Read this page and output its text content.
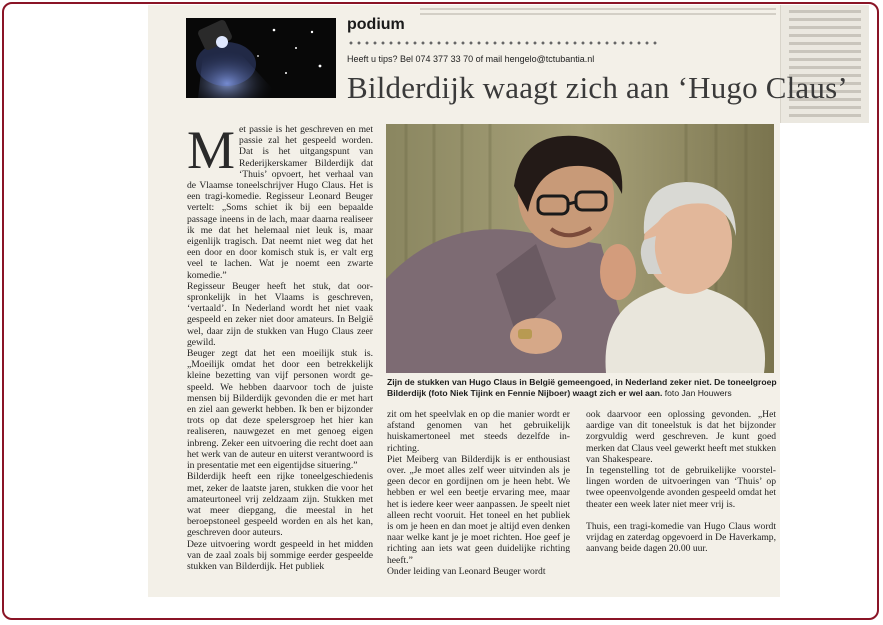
podium
Heeft u tips? Bel 074 377 33 70 of mail hengelo@tctubantia.nl
Bilderdijk waagt zich aan ‘Hugo Claus’
M et passie is het geschreven en met passie zal het gespeeld worden. Dat is het uitgangspunt van Rederijkerskamer Bilderdijk dat ‘Thuis’ opvoert, het verhaal van de Vlaamse toneelschrijver Hugo Claus. Het is een tragi-komedie. Regisseur Leonard Beuger vertelt: „Soms schiet ik bij een bepaalde passage ineens in de lach, maar daarna realiseer ik me dat het helemaal niet leuk is, maar eigenlijk tragisch. Dat neemt niet weg dat het een door en door komisch stuk is, er valt erg veel te lachen. Wat je noemt een zwarte komedie.”

Regisseur Beuger heeft het stuk, dat oorspronkelijk in het Vlaams is geschreven, ‘vertaald’. In Nederland wordt het niet vaak gespeeld en zeker niet door amateurs. In België wel, daar zijn de stukken van Hugo Claus zeer gewild.

Beuger zegt dat het een moeilijk stuk is. „Moeilijk omdat het door een betrekkelijk kleine bezetting van vijf personen wordt gespeeld. We hebben daarvoor toch de juiste mensen bij Bilderdijk gevonden die er met hart en ziel aan gewerkt hebben. Ik ben er bijzonder trots op dat deze spelersgroep het hier kan realiseren, nauwgezet en met genoeg eigen inbreng. Zeker een uitvoering die recht doet aan het werk van de auteur en uiterst verantwoord is in presentatie met een eigentijdse situering.”

Bilderdijk heeft een rijke toneelgeschiedenis met, zeker de laatste jaren, stukken die voor het amateurtoneel vrij zeldzaam zijn. Stukken met wat meer diepgang, die meestal in het beroepstoneel gespeeld worden en als het kan, geschreven door auteurs.

Deze uitvoering wordt gespeeld in het midden van de zaal zoals bij sommige eerder gespeelde stukken van Bilderdijk. Het publiek

Zijn de stukken van Hugo Claus in België gemeengoed, in Nederland zeker niet. De toneelgroep Bilderdijk (foto Niek Tijink en Fennie Nijboer) waagt zich er wel aan. foto Jan Houwers

zit om het speelvlak en op die manier wordt er afstand genomen van het gebruikelijk huiskamertoneel met steeds dezelfde inrichting.

Piet Meiberg van Bilderdijk is er enthousiast over. „Je moet alles zelf weer uitvinden als je geen decor en gordijnen om je heen hebt. We hebben er wel een beetje ervaring mee, maar het is iedere keer weer aanpassen. Je speelt niet alleen recht vooruit. Het toneel en het publiek is om je heen en dan moet je altijd even denken naar welke kant je je moet richten. Hoe geef je richting aan iets wat geen duidelijke richting heeft.”

Onder leiding van Leonard Beuger wordt

ook daarvoor een oplossing gevonden. „Het aardige van dit toneelstuk is dat het bijzonder zorgvuldig werd geschreven. Je kunt goed merken dat Claus veel gewerkt heeft met stukken van Shakespeare.

In tegenstelling tot de gebruikelijke voorstellingen worden de uitvoeringen van ‘Thuis’ op twee opeenvolgende avonden gespeeld omdat het theater een week later niet meer vrij is.

Thuis, een tragi-komedie van Hugo Claus wordt vrijdag en zaterdag opgevoerd in De Haverkamp, aanvang beide dagen 20.00 uur.
